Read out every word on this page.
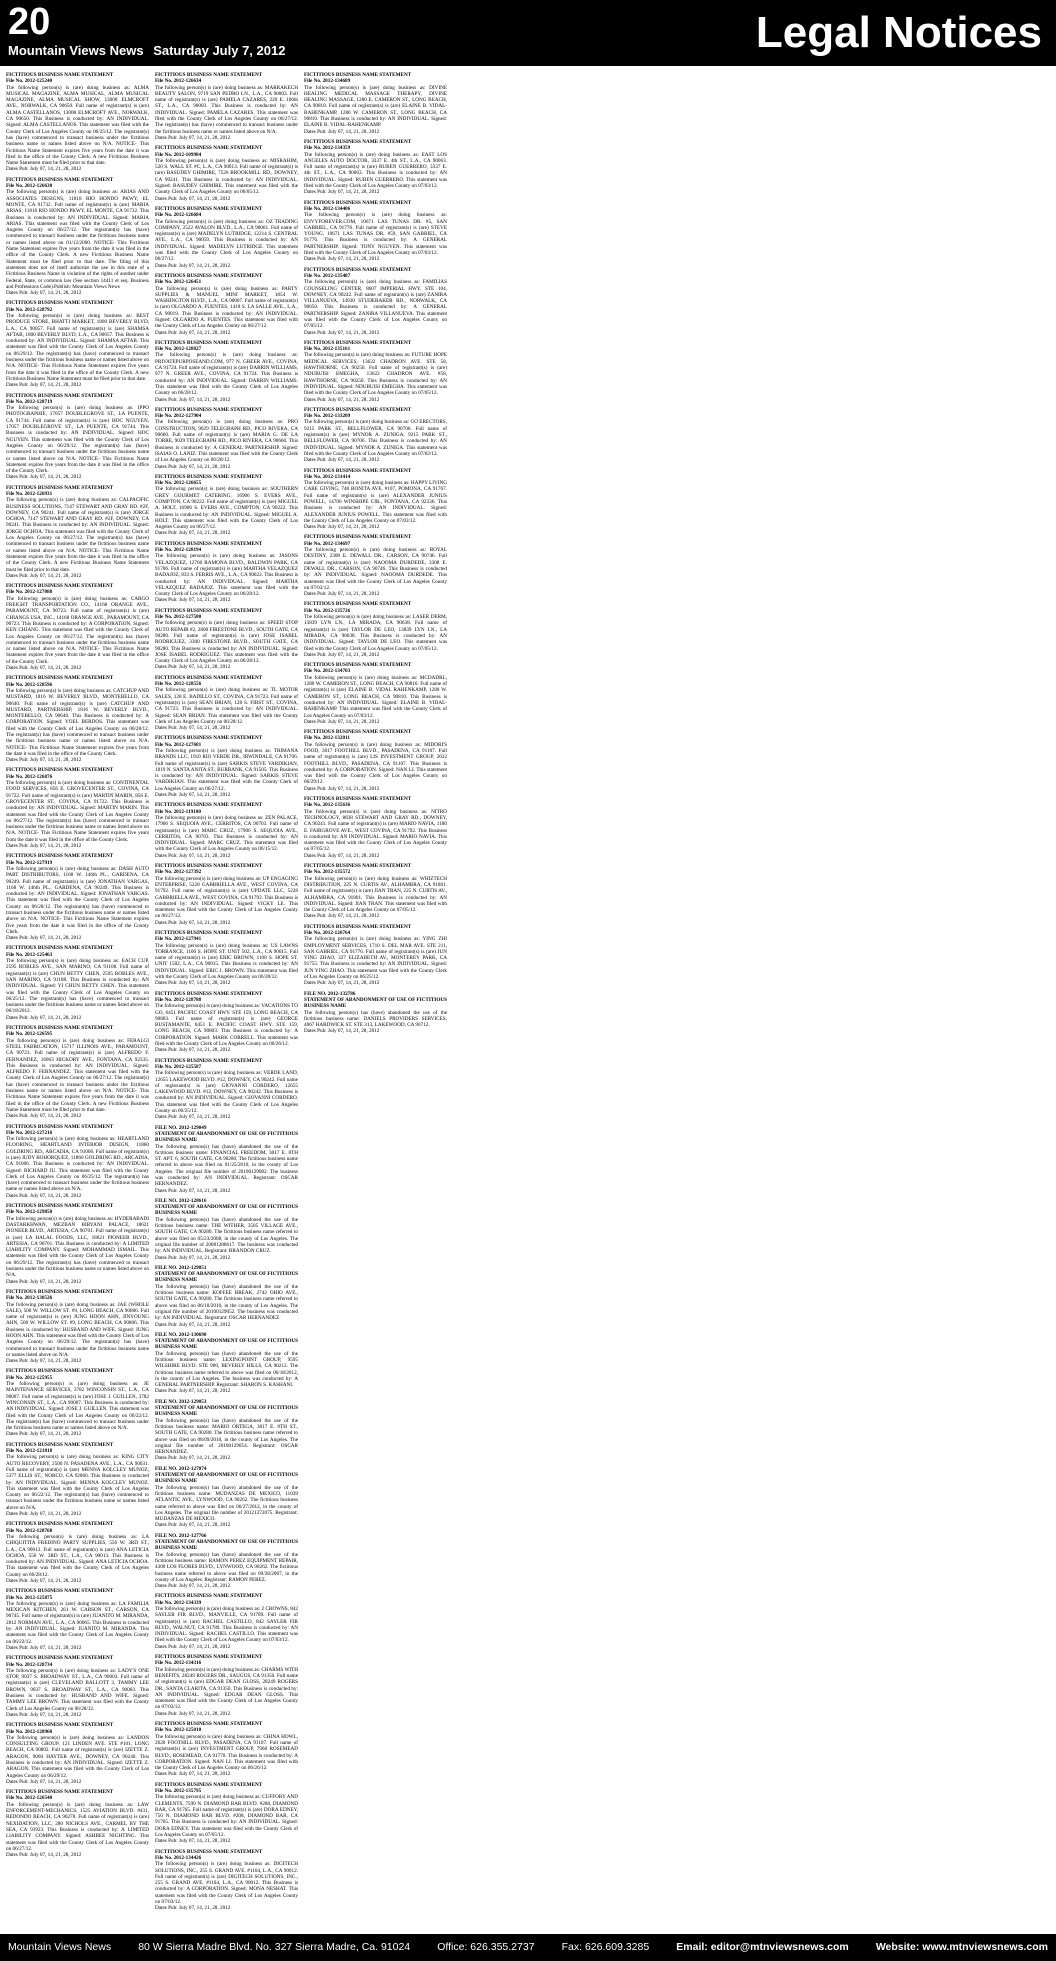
20
Mountain Views News Saturday July 7, 2012	Legal Notices
FICTITIOUS BUSINESS NAME STATEMENT
File No. 2012-125240
The following person(s) is (are) doing business as: ALMA MUSICAL MAGAZINE, ALMA MUSICAL, ALMA MUSICAL MAGAZINE, ALMA MUSICAL SHOW, 13008 ELMCROFT AVE., NORWALK, CA 90650. Full name of registrant(s) is (are) ALMA CASTELLANOS, 13008 ELMCROFT AVE., NORWALK, CA 90650. This Business is conducted by: AN INDIVIDUAL. Signed: ALMA CASTELLANOS. This statement was filed with the County Clerk of Los Angeles County on 06/25/12. The registrant(s) has (have) commenced to transact business under the fictitious business name or names listed above on N/A. NOTICE- This Fictitious Name Statement expires five years from the date it was filed in the office of the County Clerk. A new Fictitious Business Name Statement must be filed prior to that date.
Dates Pub: July 07, 14, 21, 28, 2012

FICTITIOUS BUSINESS NAME STATEMENT
File No. 2012-126630
The following person(s) is (are) doing business as: ARIAS AND ASSOCIATES DESIGNS, 11818 RIO HONDO PKWY, EL MONTE, CA 91732. Full name of registrant(s) is (are) MARIA ARIAS, 11818 RIO HONDO PKWY, EL MONTE, CA 91732. This Business is conducted by: AN INDIVIDUAL. Signed: MARIA ARIAS. This statement was filed with the County Clerk of Los Angeles County on 06/27/12. The registrant(s) has (have) commenced to transact business under the fictitious business name or names listed above on 01/12/2000. NOTICE- This Fictitious Name Statement expires five years from the date it was filed in the office of the County Clerk. A new Fictitious Business Name Statement must be filed prior to that date. The filing of this statement does not of itself authorize the use in this state of a Fictitious Business Name in violation of the rights of another under Federal, State, or common law (See section 14411 et seq. Business and Professions Code).Publish: Mountain Views News
Dates Pub: July 07, 14, 21, 28, 2012

FICTITIOUS BUSINESS NAME STATEMENT
File No. 2012-128792
The following person(s) is (are) doing business as: BEST PRODUCE STORE, BHATTI MARKET, 1800 BEVERLY BLVD, L.A., CA 90057. Full name of registrant(s) is (are) SHAMSA AFTAB, 1800 BEVERLY BLVD, L.A., CA 90057. This Business is conducted by: AN INDIVIDUAL. Signed: SHAMSA AFTAB. This statement was filed with the County Clerk of Los Angeles County on 06/29/12. The registrant(s) has (have) commenced to transact business under the fictitious business name or names listed above on N/A. NOTICE- This Fictitious Name Statement expires five years from the date it was filed in the office of the County Clerk. A new Fictitious Business Name Statement must be filed prior to that date.
Dates Pub: July 07, 14, 21, 28, 2012

FICTITIOUS BUSINESS NAME STATEMENT
File No. 2012-128719
The following person(s) is (are) doing business as: IPPO PHOTOGRAPHIE, 17057 DOUBLEGROVE ST., LA PUENTE, CA 91744. Full name of registrant(s) is (are) HOC NGUYEN, 17057 DOUBLEGROVE ST., LA PUENTE, CA 91744. This Business is conducted by: AN INDIVIDUAL. Signed: HOC NGUYEN. This statement was filed with the County Clerk of Los Angeles County on 06/29/12. The registrant(s) has (have) commenced to transact business under the fictitious business name or names listed above on N/A. NOTICE- This Fictitious Name Statement expires five years from the date it was filed in the office of the County Clerk.
Dates Pub: July 07, 14, 21, 28, 2012

FICTITIOUS BUSINESS NAME STATEMENT
File No. 2012-126931
The following person(s) is (are) doing business as: CALPACIFIC BUSINESS SOLUTIONS, 7147 STEWART AND GRAY RD. #2F, DOWNEY, CA 90241. Full name of registrant(s) is (are) JORGE OCHOA, 7147 STEWART AND GRAY RD. #2F, DOWNEY, CA 90241. This Business is conducted by: AN INDIVIDUAL. Signed: JORGE OCHOA. This statement was filed with the County Clerk of Los Angeles County on 06/27/12. The registrant(s) has (have) commenced to transact business under the fictitious business name or names listed above on N/A. NOTICE- This Fictitious Name Statement expires five years from the date it was filed in the office of the County Clerk. A new Fictitious Business Name Statement must be filed prior to that date.
Dates Pub: July 07, 14, 21, 28, 2012

FICTITIOUS BUSINESS NAME STATEMENT
File No. 2012-127088
The following person(s) is (are) doing business as: CARGO FREIGHT TRANSPORTATION CO., 14168 ORANGE AVE., PARAMOUNT, CA 90723. Full name of registrant(s) is (are) CHIANGS USA, INC., 14168 ORANGE AVE., PARAMOUNT, CA 90723. This Business is conducted by: A CORPORATION. Signed: KEN CHIANG. This statement was filed with the County Clerk of Los Angeles County on 06/27/12. The registrant(s) has (have) commenced to transact business under the fictitious business name or names listed above on N/A. NOTICE- This Fictitious Name Statement expires five years from the date it was filed in the office of the County Clerk.
Dates Pub: July 07, 14, 21, 28, 2012

FICTITIOUS BUSINESS NAME STATEMENT
File No. 2012-128596
The following person(s) is (are) doing business as: CATCHUP AND MUSTARD, 1816 W. BEVERLY BLVD., MONTEBELLO, CA 90640. Full name of registrant(s) is (are) CATCHUP AND MUSTARD, PARTNERSHIP, 1816 W. BEVERLY BLVD., MONTEBELLO, CA 90640. This Business is conducted by: A CORPORATION. Signed: YOEL BERDOS. This statement was filed with the County Clerk of Los Angeles County on 06/28/12. The registrant(s) has (have) commenced to transact business under the fictitious business name or names listed above on N/A. NOTICE- This Fictitious Name Statement expires five years from the date it was filed in the office of the County Clerk.
Dates Pub: July 07, 14, 21, 28, 2012

FICTITIOUS BUSINESS NAME STATEMENT
File No. 2012-126876
The following person(s) is (are) doing business as: CONTINENTAL FOOD SERVICES, 856 E. GROVECENTER ST., COVINA, CA 91722. Full name of registrant(s) is (are) MARTIN MARIN, 856 E. GROVECENTER ST., COVINA, CA 91722. This Business is conducted by: AN INDIVIDUAL. Signed: MARTIN MARIN. This statement was filed with the County Clerk of Los Angeles County on 06/27/12. The registrant(s) has (have) commenced to transact business under the fictitious business name or names listed above on N/A. NOTICE- This Fictitious Name Statement expires five years from the date it was filed in the office of the County Clerk.
Dates Pub: July 07, 14, 21, 28, 2012

FICTITIOUS BUSINESS NAME STATEMENT
File No. 2012-127919
The following person(s) is (are) doing business as: DASH AUTO PART DISTRIBUTORS, 1168 W. 146th PL., GARDENA, CA 90249. Full name of registrant(s) is (are) JONATHAN VARGAS, 1168 W. 146th PL., GARDENA, CA 90249. This Business is conducted by: AN INDIVIDUAL. Signed: JONATHAN VARGAS. This statement was filed with the County Clerk of Los Angeles County on 06/28/12. The registrant(s) has (have) commenced to transact business under the fictitious business name or names listed above on N/A. NOTICE- This Fictitious Name Statement expires five years from the date it was filed in the office of the County Clerk.
Dates Pub: July 07, 14, 21, 28, 2012

FICTITIOUS BUSINESS NAME STATEMENT
File No. 2012-125463
The following person(s) is (are) doing business as: EACH CUP, 2595 ROBLES AVE., SAN MARINO, CA 91108. Full name of registrant(s) is (are) CHUN BETTY CHEN, 2595 ROBLES AVE., SAN MARINO, CA 91108. This Business is conducted by: AN INDIVIDUAL. Signed: YI CHUN BETTY CHEN. This statement was filed with the County Clerk of Los Angeles County on 06/25/12. The registrant(s) has (have) commenced to transact business under the fictitious business name or names listed above on 06/18/2012.
Dates Pub: July 07, 14, 21, 28, 2012

FICTITIOUS BUSINESS NAME STATEMENT
File No. 2012-126595
The following person(s) is (are) doing business as: FERALGI STEEL FABRICATION, 15717 ILLINOIS AVE., PARAMOUNT, CA 90723. Full name of registrant(s) is (are) ALFREDO F. FERNANDEZ, 16063 HICKORY AVE., FONTANA, CA 92335. This Business is conducted by: AN INDIVIDUAL. Signed: ALFREDO F. FERNANDEZ. This statement was filed with the County Clerk of Los Angeles County on 06/27/12. The registrant(s) has (have) commenced to transact business under the fictitious business name or names listed above on N/A. NOTICE- This Fictitious Name Statement expires five years from the date it was filed in the office of the County Clerk. A new Fictitious Business Name Statement must be filed prior to that date.
Dates Pub: July 07, 14, 21, 28, 2012

FICTITIOUS BUSINESS NAME STATEMENT
File No. 2012-127216
The following person(s) is (are) doing business as: HEARTLAND FLOORING, HEARTLAND INTERIOR DESIGN, 11860 GOLDRING RD., ARCADIA, CA 91006. Full name of registrant(s) is (are) JUDY BOHORQUEZ, 11860 GOLDRING RD., ARCADIA, CA 91006. This Business is conducted by: AN INDIVIDUAL. Signed: RICHARD JU. This statement was filed with the County Clerk of Los Angeles County on 06/25/12. The registrant(s) has (have) commenced to transact business under the fictitious business name or names listed above on N/A.
Dates Pub: July 07, 14, 21, 28, 2012

FICTITIOUS BUSINESS NAME STATEMENT
File No. 2012-129850
The following person(s) is (are) doing business as: HYDERABADI DASTARKHWAN, MEZBAN BIRYANI PALACE, 18621 PIONEER BLVD., ARTESIA, CA 90701. Full name of registrant(s) is (are) LA HALAL FOODS, LLC, 18621 PIONEER BLVD., ARTESIA, CA 90701. This Business is conducted by: A LIMITED LIABILITY COMPANY. Signed: MOHAMMAD ISMAIL. This statement was filed with the County Clerk of Los Angeles County on 06/29/12. The registrant(s) has (have) commenced to transact business under the fictitious business name or names listed above on N/A.
Dates Pub: July 07, 14, 21, 28, 2012

FICTITIOUS BUSINESS NAME STATEMENT
File No. 2012-130526
The following person(s) is (are) doing business as: JAE (WHOLE SALE), 500 W. WILLOW ST. #9, LONG BEACH, CA 90806. Full name of registrant(s) is (are) JUNG HOON AHN, JINYOUNG AHN, 500 W. WILLOW ST. #9, LONG BEACH, CA 90806. This Business is conducted by: HUSBAND AND WIFE. Signed: JUNG HOON AHN. This statement was filed with the County Clerk of Los Angeles County on 06/29/12. The registrant(s) has (have) commenced to transact business under the fictitious business name or names listed above on N/A.
Dates Pub: July 07, 14, 21, 28, 2012

FICTITIOUS BUSINESS NAME STATEMENT
File No. 2012-125955
The following person(s) is (are) doing business as: JE MAINTENANCE SERVICES, 3782 WINCONSIN ST., L.A., CA 90007. Full name of registrant(s) is (are) JOSE J. GUILLEN, 3782 WINCONSIN ST., L.A., CA 90007. This Business is conducted by: AN INDIVIDUAL. Signed: JOSE J. GUILLEN. This statement was filed with the County Clerk of Los Angeles County on 06/22/12. The registrant(s) has (have) commenced to transact business under the fictitious business name or names listed above on N/A.
Dates Pub: July 07, 14, 21, 28, 2012

FICTITIOUS BUSINESS NAME STATEMENT
File No. 2012-121818
The following person(s) is (are) doing business as: KING CITY AUTO RECOVERY, 2500 N. PASADENA AVE., L.A., CA 90031. Full name of registrant(s) is (are) MENNA KOLCLEY MUNOZ, 5377 ELLIS ST., NORCO, CA 92860. This Business is conducted by: AN INDIVIDUAL. Signed: MENNA KOLCLEY MUNOZ. This statement was filed with the County Clerk of Los Angeles County on 06/22/12. The registrant(s) has (have) commenced to transact business under the fictitious business name or names listed above on N/A.
Dates Pub: July 07, 14, 21, 28, 2012

FICTITIOUS BUSINESS NAME STATEMENT
File No. 2012-128768
The following person(s) is (are) doing business as: LA CHIQUITITA FREDINO PARTY SUPPLIES, 556 W. 3RD ST., L.A., CA 90013. Full name of registrant(s) is (are) ANA LETICIA OCHOA, 556 W. 3RD ST., L.A., CA 90013. This Business is conducted by: AN INDIVIDUAL. Signed: ANA LETICIA OCHOA. This statement was filed with the County Clerk of Los Angeles County on 06/28/12.
Dates Pub: July 07, 14, 21, 28, 2012

FICTITIOUS BUSINESS NAME STATEMENT
File No. 2012-125875
The following person(s) is (are) doing business as: LA FAMILIA MEXICAN KITCHEN, 261 W. CARSON ST., CARSON, CA 90745. Full name of registrant(s) is (are) JUANITO M. MIRANDA, 2812 NORMAN AVE., L.A., CA 90065. This Business is conducted by: AN INDIVIDUAL. Signed: JUANITO M. MIRANDA. This statement was filed with the County Clerk of Los Angeles County on 06/22/12.
Dates Pub: July 07, 14, 21, 28, 2012

FICTITIOUS BUSINESS NAME STATEMENT
File No. 2012-128734
The following person(s) is (are) doing business as: LADY'S ONE STOP, 9037 S. BROADWAY ST., L.A., CA 90003. Full name of registrant(s) is (are) CLEVELAND BALLOTT 3, TAMMY LEE BROWN, 9037 S. BROADWAY ST., L.A., CA 90003. This Business is conducted by: HUSBAND AND WIFE. Signed: TAMMY LEE BROWN. This statement was filed with the County Clerk of Los Angeles County on 06/28/12.
Dates Pub: July 07, 14, 21, 28, 2012

FICTITIOUS BUSINESS NAME STATEMENT
File No. 2012-128960
The following person(s) is (are) doing business as: LANDON CONSULTING GROUP, 121 LINDEN AVE. STE #101, LONG BEACH, CA 90802. Full name of registrant(s) is (are) IZETTE Z. ARAGON, 9060 HAYTER AVE., DOWNEY, CA 90240. This Business is conducted by: AN INDIVIDUAL. Signed: IZETTE Z. ARAGON. This statement was filed with the County Clerk of Los Angeles County on 06/29/12.
Dates Pub: July 07, 14, 21, 28, 2012

FICTITIOUS BUSINESS NAME STATEMENT
File No. 2012-126540
The following person(s) is (are) doing business as: LAW ENFORCEMENT-MECHANICS, 1525 AVIATION BLVD. #431, REDONDO BEACH, CA 90278. Full name of registrant(s) is (are) NEXIDATION, LLC, 280 NICHOLS AVE., CARMEL BY THE SEA, CA 93923. This Business is conducted by: A LIMITED LIABILITY COMPANY. Signed: ASHBEE NIGHTING. This statement was filed with the County Clerk of Los Angeles County on 06/27/12.
Dates Pub: July 07, 14, 21, 28, 2012

FICTITIOUS BUSINESS NAME STATEMENT
File No. 2012-126634
The following person(s) is (are) doing business as: MARRAKECH BEAUTY SALON, 9719 SAN PEDRO LN., L.A., CA 90003. Full name of registrant(s) is (are) PAMELA CAZARES, 220 E. 106th ST., L.A., CA 90003. This Business is conducted by: AN INDIVIDUAL. Signed: PAMELA CAZARES. This statement was filed with the County Clerk of Los Angeles County on 06/27/12. The registrant(s) has (have) commenced to transact business under the fictitious business name or names listed above on N/A.
Dates Pub: July 07, 14, 21, 28, 2012

FICTITIOUS BUSINESS NAME STATEMENT
File No. 2012-109984
The following person(s) is (are) doing business as: MISRAHIM, 520 S. WALL ST. #C, L.A., CA 90013. Full name of registrant(s) is (are) BASUDEV GHIMIRE, 7526 BROOKMILL RD., DOWNEY, CA 90241. This Business is conducted by: AN INDIVIDUAL. Signed: BASUDEV GHIMIRE. This statement was filed with the County Clerk of Los Angeles County on 06/05/12.
Dates Pub: July 07, 14, 21, 28, 2012

FICTITIOUS BUSINESS NAME STATEMENT
File No. 2012-126684
The following person(s) is (are) doing business as: OZ TRADING COMPANY, 2522 AVALON BLVD., L.A., CA 90061. Full name of registrant(s) is (are) MADELYN LUTRIDGE, 12214 S. CENTRAL AVE., L.A., CA 90059. This Business is conducted by: AN INDIVIDUAL. Signed: MADELYN LUTRIDGE. This statement was filed with the County Clerk of Los Angeles County on 06/27/12.
Dates Pub: July 07, 14, 21, 28, 2012

FICTITIOUS BUSINESS NAME STATEMENT
File No. 2012-126451
The following person(s) is (are) doing business as: PARTY SUPPLIES & MANUEL MINI MARKET, 1854 W. WASHINGTON BLVD., L.A., CA 90007. Full name of registrant(s) is (are) OLGARDO A. FUENTES, 1418 S. LA SALLE AVE., L.A., CA 90019. This Business is conducted by: AN INDIVIDUAL. Signed: OLGARDO A. FUENTES. This statement was filed with the County Clerk of Los Angeles County on 06/27/12.
Dates Pub: July 07, 14, 21, 28, 2012

FICTITIOUS BUSINESS NAME STATEMENT
File No. 2012-128827
The following person(s) is (are) doing business as: PRIVATEPURPOSEAND.COM, 977 N. GREER AVE., COVINA, CA 91724. Full name of registrant(s) is (are) DARRIN WILLIAMS, 977 N. GREER AVE., COVINA, CA 91724. This Business is conducted by: AN INDIVIDUAL. Signed: DARRIN WILLIAMS. This statement was filed with the County Clerk of Los Angeles County on 06/28/12.
Dates Pub: July 07, 14, 21, 28, 2012

FICTITIOUS BUSINESS NAME STATEMENT
File No. 2012-127904
The following person(s) is (are) doing business as: PRO CONSTRUCTION, 9029 TELEGRAPH RD., PICO RIVERA, CA 90660. Full name of registrant(s) is (are) MARIA G. DE LA TORRE, 9029 TELEGRAPH RD., PICO RIVERA, CA 90660. This Business is conducted by: A GENERAL PARTNERSHIP. Signed: ISAIAS O. LANIZ. This statement was filed with the County Clerk of Los Angeles County on 06/28/12.
Dates Pub: July 07, 14, 21, 28, 2012

FICTITIOUS BUSINESS NAME STATEMENT
File No. 2012-126655
The following person(s) is (are) doing business as: SOUTHERN GREY GOURMET CATERING, 16906 S. EVERS AVE., COMPTON, CA 90222. Full name of registrant(s) is (are) MIGUEL A. HOLT, 16906 S. EVERS AVE., COMPTON, CA 90222. This Business is conducted by: AN INDIVIDUAL. Signed: MIGUEL A. HOLT. This statement was filed with the County Clerk of Los Angeles County on 06/27/12.
Dates Pub: July 07, 14, 21, 28, 2012

FICTITIOUS BUSINESS NAME STATEMENT
File No. 2012-128194
The following person(s) is (are) doing business as: JASONS VELAZQUEZ, 12760 RAMONA BLVD., BALDWIN PARK, CA 91706. Full name of registrant(s) is (are) MARTHA VELAZQUEZ BADAJOZ, 833 S. FERRIS AVE., L.A., CA 90022. This Business is conducted by: AN INDIVIDUAL. Signed: MARTHA VELAZQUEZ BADAJOZ. This statement was filed with the County Clerk of Los Angeles County on 06/28/12.
Dates Pub: July 07, 14, 21, 28, 2012

FICTITIOUS BUSINESS NAME STATEMENT
File No. 2012-127580
The following person(s) is (are) doing business as: SPEED STOP AUTO REPAIR #2, 2800 FIRESTONE BLVD., SOUTH GATE, CA 90280. Full name of registrant(s) is (are) JOSE ISABEL RODRIGUEZ, 3300 FIRESTONE BLVD., SOUTH GATE, CA 90280. This Business is conducted by: AN INDIVIDUAL. Signed: JOSE ISABEL RODRIGUEZ. This statement was filed with the County Clerk of Los Angeles County on 06/28/12.
Dates Pub: July 07, 14, 21, 28, 2012

FICTITIOUS BUSINESS NAME STATEMENT
File No. 2012-128556
The following person(s) is (are) doing business as: TL MOTOR SALES, 128 E. BADILLO ST., COVINA, CA 91723. Full name of registrant(s) is (are) SEAN BRIAN, 128 S. FIRST ST., COVINA, CA 91723. This Business is conducted by: AN INDIVIDUAL. Signed: SEAN BRIAN. This statement was filed with the County Clerk of Los Angeles County on 06/28/12.
Dates Pub: July 07, 14, 21, 28, 2012

FICTITIOUS BUSINESS NAME STATEMENT
File No. 2012-127681
The following person(s) is (are) doing business as: TRIMANA BRANDS LLC, 1910 RIO VERDE DR., IRWINDALE, CA 91706. Full name of registrant(s) is (are) SARKIS STEVE VARDIKIAN, 1019 N. SANTA ANITA ST., BURBANK, CA 91505. This Business is conducted by: AN INDIVIDUAL. Signed: SARKIS STEVE VARDIKIAN. This statement was filed with the County Clerk of Los Angeles County on 06/27/12.
Dates Pub: July 07, 14, 21, 28, 2012

FICTITIOUS BUSINESS NAME STATEMENT
File No. 2012-119100
The following person(s) is (are) doing business as: ZEN PALACE, 17906 S. SEQUOIA AVE., CERRITOS, CA 90703. Full name of registrant(s) is (are) MARC CRUZ, 17906 S. SEQUOIA AVE., CERRITOS, CA 90703. This Business is conducted by: AN INDIVIDUAL. Signed: MARC CRUZ. This statement was filed with the County Clerk of Los Angeles County on 06/15/12.
Dates Pub: July 07, 14, 21, 28, 2012

FICTITIOUS BUSINESS NAME STATEMENT
File No. 2012-127392
The following person(s) is (are) doing business as: UP ENGAGING ENTERPRISE, 5228 GABBRIELLA AVE., WEST COVINA, CA 91792. Full name of registrant(s) is (are) UPDATE LLC, 5228 GABBRIELLA AVE., WEST COVINA, CA 91792. This Business is conducted by: AN INDIVIDUAL. Signed: VICKY LE. This statement was filed with the County Clerk of Los Angeles County on 06/27/12.
Dates Pub: July 07, 14, 21, 28, 2012

FICTITIOUS BUSINESS NAME STATEMENT
File No. 2012-127941
The following person(s) is (are) doing business as: US LAWNS TORRANCE, 1100 S. HOPE ST. UNIT 502, L.A., CA 90015. Full name of registrant(s) is (are) ERIC BROWN, 1100 S. HOPE ST. UNIT 1502, L.A., CA 90015. This Business is conducted by: AN INDIVIDUAL. Signed: ERIC J. BROWN. This statement was filed with the County Clerk of Los Angeles County on 06/28/12.
Dates Pub: July 07, 14, 21, 28, 2012

FICTITIOUS BUSINESS NAME STATEMENT
File No. 2012-128788
The following person(s) is (are) doing business as: VACATIONS TO GO, 6451 PACIFIC COAST HWY. STE 159, LONG BEACH, CA 90803. Full name of registrant(s) is (are) GEORGE BUSTAMANTE, 6451 E. PACIFIC COAST HWY. STE 159, LONG BEACH, CA 90803. This Business is conducted by: A CORPORATION. Signed: MARK CORRELL. This statement was filed with the County Clerk of Los Angeles County on 06/26/12.
Dates Pub: July 07, 14, 21, 28, 2012

FICTITIOUS BUSINESS NAME STATEMENT
File No. 2012-125587
The following person(s) is (are) doing business as: VERDE LAND, 12655 LAKEWOOD BLVD. #12, DOWNEY, CA 90242. Full name of registrant(s) is (are) GIOVANNI CORDERO, 12655 LAKEWOOD BLVD. #12, DOWNEY, CA 90242. This Business is conducted by: AN INDIVIDUAL. Signed: GIOVANNI CORDERO. This statement was filed with the County Clerk of Los Angeles County on 06/25/12.
Dates Pub: July 07, 14, 21, 28, 2012

FILE NO. 2012-129049
STATEMENT OF ABANDONMENT OF USE OF FICTITIOUS BUSINESS NAME
The following person(s) has (have) abandoned the use of the fictitious business name: FINANCIAL FREEDOM, 3017 E. 8TH ST. APT. 6, SOUTH GATE, CA 90280. The fictitious business name referred to above was filed on 01/25/2010, in the county of Los Angeles. The original file number of 20100129082. The business was conducted by: AN INDIVIDUAL. Registrant: OSCAR HERNANDEZ.
Dates Pub: July 07, 14, 21, 28, 2012

FILE NO. 2012-128616
STATEMENT OF ABANDONMENT OF USE OF FICTITIOUS BUSINESS NAME
The following person(s) has (have) abandoned the use of the fictitious business name: THE WITHER, 3505 VILLAGE AVE., SOUTH GATE, CA 90280. The fictitious business name referred to above was filed on 05/23/2008, in the county of Los Angeles. The original file number of 20081288617. The business was conducted by: AN INDIVIDUAL. Registrant: BRANDON CRUZ.
Dates Pub: July 07, 14, 21, 28, 2012

FILE NO. 2012-129051
STATEMENT OF ABANDONMENT OF USE OF FICTITIOUS BUSINESS NAME
The following person(s) has (have) abandoned the use of the fictitious business name: KOFFEE BREAK, 2742 OHIO AVE., SOUTH GATE, CA 90280. The fictitious business name referred to above was filed on 06/10/2010, in the county of Los Angeles. The original file number of 20100129052. The business was conducted by: AN INDIVIDUAL. Registrant: OSCAR HERNANDEZ.
Dates Pub: July 07, 14, 21, 28, 2012

FILE NO. 2012-130690
STATEMENT OF ABANDONMENT OF USE OF FICTITIOUS BUSINESS NAME
The following person(s) has (have) abandoned the use of the fictitious business name: LEXINGPOINT GROUP, 9595 WILSHIRE BLVD. STE 900, BEVERLY HILLS, CA 90212. The fictitious business name referred to above was filed on 06/18/2012, in the county of Los Angeles. The business was conducted by: A GENERAL PARTNERSHIP. Registrant: SHARON S. KASHANI.
Dates Pub: July 07, 14, 21, 28, 2012

FILE NO. 2012-129053
STATEMENT OF ABANDONMENT OF USE OF FICTITIOUS BUSINESS NAME
The following person(s) has (have) abandoned the use of the fictitious business name: MARIO ORTEGA, 3017 E. 8TH ST., SOUTH GATE, CA 90280. The fictitious business name referred to above was filed on 08/09/2010, in the county of Los Angeles. The original file number of 20100129054. Registrant: OSCAR HERNANDEZ.
Dates Pub: July 07, 14, 21, 28, 2012

FILE NO. 2012-127074
STATEMENT OF ABANDONMENT OF USE OF FICTITIOUS BUSINESS NAME
The following person(s) has (have) abandoned the use of the fictitious business name: MUDANZAS DE MEXICO, 11039 ATLANTIC AVE., LYNWOOD, CA 90262. The fictitious business name referred to above was filed on 06/27/2012, in the county of Los Angeles. The original file number of 20121272075. Registrant: MUDANZAS DE MEXICO.
Dates Pub: July 07, 14, 21, 28, 2012

FILE NO. 2012-127766
STATEMENT OF ABANDONMENT OF USE OF FICTITIOUS BUSINESS NAME
The following person(s) has (have) abandoned the use of the fictitious business name: RAMON PEREZ EQUIPMENT REPAIR, 4300 LOS FLORES BLVD., LYNWOOD, CA 90262. The fictitious business name referred to above was filed on 09/28/2007, in the county of Los Angeles. Registrant: RAMON PEREZ.
Dates Pub: July 07, 14, 21, 28, 2012

FICTITIOUS BUSINESS NAME STATEMENT
File No. 2012-134339
The following person(s) is (are) doing business as: 2 CROWNS, 842 SAYLER FIR BLVD., MANVILLE, CA 91789. Full name of registrant(s) is (are) RACHEL CASTILLO, 842 SAYLER FIR BLVD., WALNUT, CA 91789. This Business is conducted by: AN INDIVIDUAL. Signed: RACHEL CASTILLO. This statement was filed with the County Clerk of Los Angeles County on 07/03/12.
Dates Pub: July 07, 14, 21, 28, 2012

FICTITIOUS BUSINESS NAME STATEMENT
File No. 2012-134316
The following person(s) is (are) doing business as: CHARMS WITH BENEFITS, 28249 ROGERS DR., SAUGUS, CA 91350. Full name of registrant(s) is (are) EDGAR DEAN GLOSS, 28249 ROGERS DR., SANTA CLARITA, CA 91350. This Business is conducted by: AN INDIVIDUAL. Signed: EDGAR DEAN GLOSS. This statement was filed with the County Clerk of Los Angeles County on 07/03/12.
Dates Pub: July 07, 14, 21, 28, 2012

FICTITIOUS BUSINESS NAME STATEMENT
File No. 2012-125010
The following person(s) is (are) doing business as: CHINA HOWL, 2620 FOOTHILL BLVD., PASADENA, CA 91107. Full name of registrant(s) is (are) INVESTMENT GROUP, 7968 ROSEMEAD BLVD., ROSEMEAD, CA 91770. This Business is conducted by: A CORPORATION. Signed: NAN LI. This statement was filed with the County Clerk of Los Angeles County on 06/26/12.
Dates Pub: July 07, 14, 21, 28, 2012

FICTITIOUS BUSINESS NAME STATEMENT
File No. 2012-135795
The following person(s) is (are) doing business as: CUFFORY AND CLEMENTS, 7590 N. DIAMOND BAR BLVD. #208, DIAMOND BAR, CA 91765. Full name of registrant(s) is (are) DORA EDNEY, 750 N. DIAMOND BAR BLVD. #208, DIAMOND BAR, CA 91765. This Business is conducted by: AN INDIVIDUAL. Signed: DORA EDNEY. This statement was filed with the County Clerk of Los Angeles County on 07/05/12.
Dates Pub: July 07, 14, 21, 28, 2012

FICTITIOUS BUSINESS NAME STATEMENT
File No. 2012-134426
The following person(s) is (are) doing business as: DIGITECH SOLUTIONS, INC., 255 S. GRAND AVE. #1104, L.A., CA 90012. Full name of registrant(s) is (are) DIGITECH SOLUTIONS, INC., 255 S. GRAND AVE. #1104, L.A., CA 90012. This Business is conducted by: A CORPORATION. Signed: MONA NESHAT. This statement was filed with the County Clerk of Los Angeles County on 07/03/12.
Dates Pub: July 07, 14, 21, 28, 2012

FICTITIOUS BUSINESS NAME STATEMENT
File No. 2012-134689
The following person(s) is (are) doing business as: DIVINE HEALING MEDICAL MASSAGE THERAPY, DIVINE HEALING MASSAGE, 1280 E. CAMERON ST., LONG BEACH, CA 90810. Full name of registrant(s) is (are) ELAINE B. VIDAL-RAHENKAMP, 1280 W. CAMERON ST., LONG BEACH, CA 90810. This Business is conducted by: AN INDIVIDUAL. Signed: ELAINE B. VIDAL-RAHENKAMP.
Dates Pub: July 07, 14, 21, 28, 2012

FICTITIOUS BUSINESS NAME STATEMENT
File No. 2012-134359
The following person(s) is (are) doing business as: EAST LOS ANGELES AUTO DOCTOR, 3337 E. 4th ST., L.A., CA 90063. Full name of registrant(s) is (are) RUBEN GUERRERO, 3337 E. 4th ST., L.A., CA 90063. This Business is conducted by: AN INDIVIDUAL. Signed: RUBEN GUERRERO. This statement was filed with the County Clerk of Los Angeles County on 07/03/12.
Dates Pub: July 07, 14, 21, 28, 2012

FICTITIOUS BUSINESS NAME STATEMENT
File No. 2012-134406
The following person(s) is (are) doing business as: ENVYFOREVER.COM, 10671 LAS TUNAS DR. #5, SAN GABRIEL, CA 91776. Full name of registrant(s) is (are) STEVE YOUNG, 10671 LAS TUNAS DR. #59, SAN GABRIEL, CA 91776. This Business is conducted by: A GENERAL PARTNERSHIP. Signed: TONY NGUYEN. This statement was filed with the County Clerk of Los Angeles County on 07/03/12.
Dates Pub: July 07, 14, 21, 28, 2012

FICTITIOUS BUSINESS NAME STATEMENT
File No. 2012-135487
The following person(s) is (are) doing business as: FAMILIAS COUNSELING CENTER, 8607 IMPERIAL HWY. STE 104, DOWNEY, CA 90242. Full name of registrant(s) is (are) ZANIRA VILLANUEVA, 14930 STUDEBAKER RD., NORWALK, CA 90650. This Business is conducted by: A GENERAL PARTNERSHIP. Signed: ZANIRA VILLANUEVA. This statement was filed with the County Clerk of Los Angeles County on 07/05/12.
Dates Pub: July 07, 14, 21, 28, 2012

FICTITIOUS BUSINESS NAME STATEMENT
File No. 2012-135161
The following person(s) is (are) doing business as: FUTURE HOPE MEDICAL SERVICES, 13622 CHADRON AVE. STE 58, HAWTHORNE, CA 90250. Full name of registrant(s) is (are) NDUBUISI EMEGHA, 13622 CHADRON AVE. #58, HAWTHORNE, CA 90250. This Business is conducted by: AN INDIVIDUAL. Signed: NDUBUISI EMEGHA. This statement was filed with the County Clerk of Los Angeles County on 07/05/12.
Dates Pub: July 07, 14, 21, 28, 2012

FICTITIOUS BUSINESS NAME STATEMENT
File No. 2012-133209
The following person(s) is (are) doing business as: GO ERECTORS, 9215 PARK ST., BELLFLOWER, CA 90706. Full name of registrant(s) is (are) MYNOR A. ZUNIGA, 9215 PARK ST., BELLFLOWER, CA 90706. This Business is conducted by: AN INDIVIDUAL. Signed: MYNOR A. ZUNIGA. This statement was filed with the County Clerk of Los Angeles County on 07/02/12.
Dates Pub: July 07, 14, 21, 28, 2012

FICTITIOUS BUSINESS NAME STATEMENT
File No. 2012-131414
The following person(s) is (are) doing business as: HAPPY LIVING CARE GIVING, 748 BONITA AVE. #107, POMONA, CA 91767. Full name of registrant(s) is (are) ALEXANDER JUNIUS POWELL, 14706 WINSHIPE CIR., FONTANA, CA 92336. This Business is conducted by: AN INDIVIDUAL. Signed: ALEXANDER JUNIUS POWELL. This statement was filed with the County Clerk of Los Angeles County on 07/02/12.
Dates Pub: July 07, 14, 21, 28, 2012

FICTITIOUS BUSINESS NAME STATEMENT
File No. 2012-134697
The following person(s) is (are) doing business as: ROYAL DESTINY, 2308 E. DEWALL DR., CARSON, CA 90746. Full name of registrant(s) is (are) NAOOMA DURDEDE, 3308 E. DEWALL DR., CARSON, CA 90746. This Business is conducted by: AN INDIVIDUAL. Signed: NAOOMA DURDEDE. This statement was filed with the County Clerk of Los Angeles County on 07/03/12.
Dates Pub: July 07, 14, 21, 28, 2012

FICTITIOUS BUSINESS NAME STATEMENT
File No. 2012-135726
The following person(s) is (are) doing business as: LASER DERM, 13839 LYN LN., LA MIRADA, CA 90638. Full name of registrant(s) is (are) TAYLOR DE LEO, 13839 LYN LN., LA MIRADA, CA 90638. This Business is conducted by: AN INDIVIDUAL. Signed: TAYLOR DE LEO. This statement was filed with the County Clerk of Los Angeles County on 07/05/12.
Dates Pub: July 07, 14, 21, 28, 2012

FICTITIOUS BUSINESS NAME STATEMENT
File No. 2012-134703
The following person(s) is (are) doing business as: MCDADRL, 1280 W. CAMERON ST., LONG BEACH, CA 90810. Full name of registrant(s) is (are) ELAINE B. VIDAL RAHENKAMP, 1280 W. CAMERON ST., LONG BEACH, CA 90810. This Business is conducted by: AN INDIVIDUAL. Signed: ELAINE B. VIDAL-RAHENKAMP. This statement was filed with the County Clerk of Los Angeles County on 07/03/12.
Dates Pub: July 07, 14, 21, 28, 2012

FICTITIOUS BUSINESS NAME STATEMENT
File No. 2012-132011
The following person(s) is (are) doing business as: MIDORI'S FOOD, 3017 FOOTHILL BLVD., PASADENA, CA 91107. Full name of registrant(s) is (are) LIS INVESTMENT GROUP, 2632 FOOTHILL BLVD., PASADENA, CA 91107. This Business is conducted by: A CORPORATION. Signed: NAN LI. This statement was filed with the County Clerk of Los Angeles County on 06/29/12.
Dates Pub: July 07, 14, 21, 28, 2012

FICTITIOUS BUSINESS NAME STATEMENT
File No. 2012-135636
The following person(s) is (are) doing business as: NITRO TECHNOLOGY, 8838 STEWART AND GRAY RD., DOWNEY, CA 90241. Full name of registrant(s) is (are) MARIO NAVIA, 1180 E. FAIRGROVE AVE., WEST COVINA, CA 91792. This Business is conducted by: AN INDIVIDUAL. Signed: MARIO NAVIA. This statement was filed with the County Clerk of Los Angeles County on 07/05/12.
Dates Pub: July 07, 14, 21, 28, 2012

FICTITIOUS BUSINESS NAME STATEMENT
File No. 2012-135572
The following person(s) is (are) doing business as: WHIZTECH DISTRIBUTION, 225 N. CURTIS AV., ALHAMBRA, CA 91801. Full name of registrant(s) is (are) JIAN TRAN, 225 N. CURTIS AV., ALHAMBRA, CA 91801. This Business is conducted by: AN INDIVIDUAL. Signed: JIAN TRAN. This statement was filed with the County Clerk of Los Angeles County on 07/05/12.
Dates Pub: July 07, 14, 21, 28, 2012

FICTITIOUS BUSINESS NAME STATEMENT
File No. 2012-126764
The following person(s) is (are) doing business as: YING ZHI EMPLOYMENT SERVICES, 1710 S. DEL MAR AVE. STE 211, SAN GABRIEL, CA 91776. Full name of registrant(s) is (are) JUN YING ZHAO, 327 ELIZABETH AV., MONTEREY PARK, CA 91755. This Business is conducted by: AN INDIVIDUAL. Signed: JUN YING ZHAO. This statement was filed with the County Clerk of Los Angeles County on 06/25/12.
Dates Pub: July 07, 14, 21, 28, 2012

FILE NO. 2012-132786
STATEMENT OF ABANDONMENT OF USE OF FICTITIOUS BUSINESS NAME
The following person(s) has (have) abandoned the use of the fictitious business name: DANIELS PROVIDERS SERVICES, 4067 HARDWICK ST. STE 313, LAKEWOOD, CA 90712.
Dates Pub: July 07, 14, 21, 28, 2012

Mountain Views News	80 W Sierra Madre Blvd. No. 327 Sierra Madre, Ca. 91024	Office: 626.355.2737	Fax: 626.609.3285	Email: editor@mtnviewsnews.com	Website: www.mtnviewsnews.com
